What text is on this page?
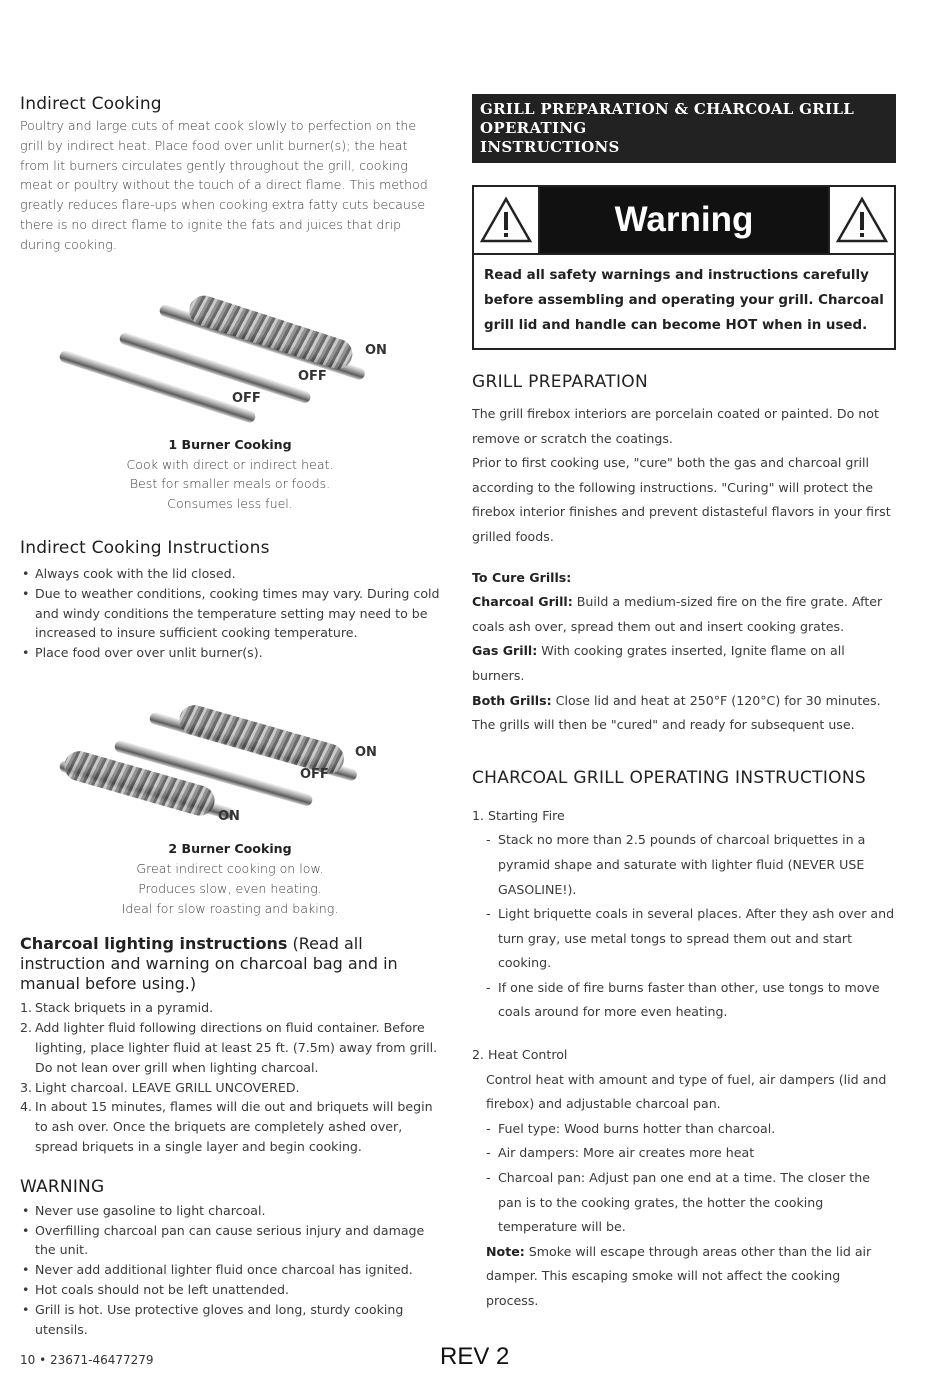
Indirect Cooking
Poultry and large cuts of meat cook slowly to perfection on the
grill by indirect heat. Place food over unlit burner(s); the heat
from lit burners circulates gently throughout the grill, cooking
meat or poultry without the touch of a direct flame. This method
greatly reduces flare-ups when cooking extra fatty cuts because
there is no direct flame to ignite the fats and juices that drip
during cooking.
ON
OFF
OFF
1 Burner Cooking
Cook with direct or indirect heat.
Best for smaller meals or foods.
Consumes less fuel.
Indirect Cooking Instructions
• Always cook with the lid closed.
• Due to weather conditions, cooking times may vary. During cold and windy conditions the temperature setting may need to be increased to insure sufficient cooking temperature.
• Place food over over unlit burner(s).
ON
OFF
ON
2 Burner Cooking
Great indirect cooking on low.
Produces slow, even heating.
Ideal for slow roasting and baking.
Charcoal lighting instructions (Read all instruction and warning on charcoal bag and in manual before using.)
1. Stack briquets in a pyramid.
2. Add lighter fluid following directions on fluid container. Before lighting, place lighter fluid at least 25 ft. (7.5m) away from grill. Do not lean over grill when lighting charcoal.
3. Light charcoal. LEAVE GRILL UNCOVERED.
4. In about 15 minutes, flames will die out and briquets will begin to ash over. Once the briquets are completely ashed over, spread briquets in a single layer and begin cooking.
WARNING
• Never use gasoline to light charcoal.
• Overfilling charcoal pan can cause serious injury and damage the unit.
• Never add additional lighter fluid once charcoal has ignited.
• Hot coals should not be left unattended.
• Grill is hot. Use protective gloves and long, sturdy cooking utensils.
GRILL PREPARATION & CHARCOAL GRILL OPERATING
INSTRUCTIONS
Warning
Read all safety warnings and instructions carefully before assembling and operating your grill. Charcoal grill lid and handle can become HOT when in used.
GRILL PREPARATION
The grill firebox interiors are porcelain coated or painted. Do not remove or scratch the coatings.
Prior to first cooking use, "cure" both the gas and charcoal grill according to the following instructions. "Curing" will protect the firebox interior finishes and prevent distasteful flavors in your first grilled foods.
To Cure Grills:
Charcoal Grill: Build a medium-sized fire on the fire grate. After coals ash over, spread them out and insert cooking grates.
Gas Grill: With cooking grates inserted, Ignite flame on all burners.
Both Grills: Close lid and heat at 250°F (120°C) for 30 minutes. The grills will then be "cured" and ready for subsequent use.
CHARCOAL GRILL OPERATING INSTRUCTIONS
1. Starting Fire
- Stack no more than 2.5 pounds of charcoal briquettes in a pyramid shape and saturate with lighter fluid (NEVER USE GASOLINE!).
- Light briquette coals in several places. After they ash over and turn gray, use metal tongs to spread them out and start cooking.
- If one side of fire burns faster than other, use tongs to move coals around for more even heating.
2. Heat Control
Control heat with amount and type of fuel, air dampers (lid and firebox) and adjustable charcoal pan.
- Fuel type: Wood burns hotter than charcoal.
- Air dampers: More air creates more heat
- Charcoal pan: Adjust pan one end at a time. The closer the pan is to the cooking grates, the hotter the cooking temperature will be.
Note: Smoke will escape through areas other than the lid air damper. This escaping smoke will not affect the cooking process.
10 • 23671-46477279	REV 2
